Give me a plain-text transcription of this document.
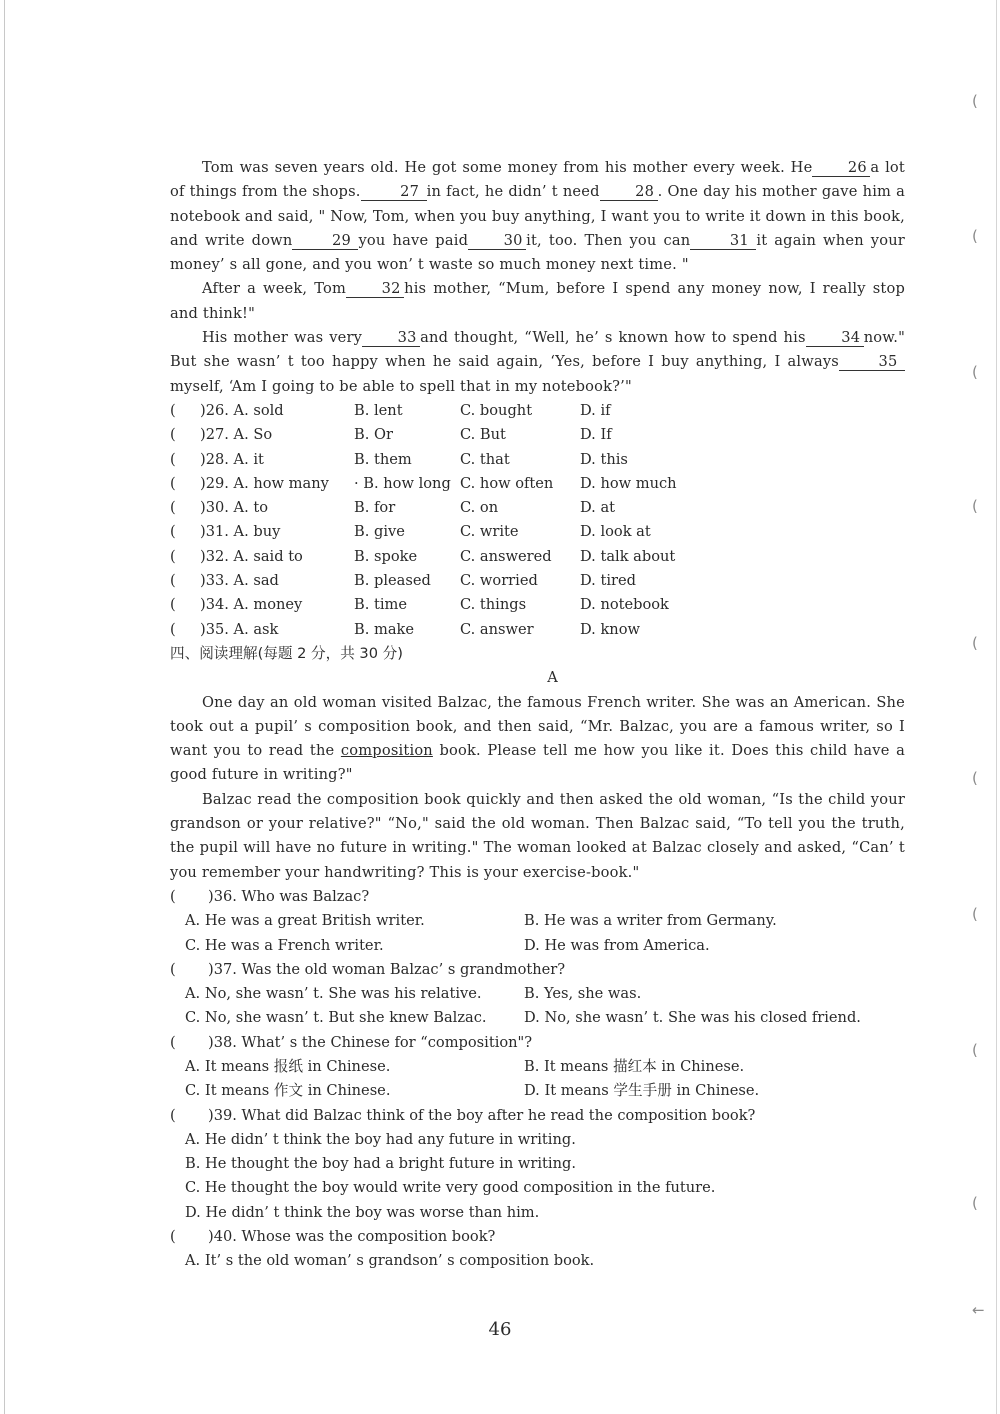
(
(
(
(
(
(
(
(
(
←

Tom was seven years old. He got some money from his mother every week. He 26 a lot of things from the shops.	27 in fact, he didn’ t need 28 . One day his mother gave him a notebook and said, " Now, Tom, when you buy anything, I want you to write it down in this book, and write down	29 you have paid 30 it, too. Then you can	31 it again when your money’ s all gone, and you won’ t waste so much money next time. "

After a week, Tom 32 his mother, “Mum, before I spend any money now, I really stop and think!"

His mother was very 33 and thought, “Well, he’ s known how to spend his 34 now." But she wasn’ t too happy when he said again, ‘Yes, before I buy anything, I always	35myself, ‘Am I going to be able to spell that in my notebook?’"

(	)26. A. sold	B. lent	C. bought	D. if
(	)27. A. So	B. Or	C. But	D. If
(	)28. A. it	B. them	C. that	D. this
(	)29. A. how many	· B. how long C. how often	D. how much
(	)30. A. to	B. for	C. on	D. at
(	)31. A. buy	B. give	C. write	D. look at
(	)32. A. said to	B. spoke	C. answered	D. talk about
(	)33. A. sad	B. pleased	C. worried	D. tired
(	)34. A. money	B. time	C. things	D. notebook
(	)35. A. ask	B. make	C. answer	D. know

四、阅读理解(每题 2 分，共 30 分)

A

One day an old woman visited Balzac, the famous French writer. She was an American. She took out a pupil’ s composition book, and then said, “Mr. Balzac, you are a famous writer, so I want you to read the composition book. Please tell me how you like it. Does this child have a good future in writing?"

Balzac read the composition book quickly and then asked the old woman, “Is the child your grandson or your relative?" “No," said the old woman. Then Balzac said, “To tell you the truth, the pupil will have no future in writing." The woman looked at Balzac closely and asked, “Can’ t you remember your handwriting? This is your exercise-book."

(	)36. Who was Balzac?
A. He was a great British writer.	B. He was a writer from Germany.
C. He was a French writer.	D. He was from America.
(	)37. Was the old woman Balzac’ s grandmother?
A. No, she wasn’ t. She was his relative.	B. Yes, she was.
C. No, she wasn’ t. But she knew Balzac.	D. No, she wasn’ t. She was his closed friend.
(	)38. What’ s the Chinese for “composition"?
A. It means 报纸 in Chinese.	B. It means 描红本 in Chinese.
C. It means 作文 in Chinese.	D. It means 学生手册 in Chinese.
(	)39. What did Balzac think of the boy after he read the composition book?
A. He didn’ t think the boy had any future in writing.
B. He thought the boy had a bright future in writing.
C. He thought the boy would write very good composition in the future.
D. He didn’ t think the boy was worse than him.
(	)40. Whose was the composition book?
A. It’ s the old woman’ s grandson’ s composition book.
46
